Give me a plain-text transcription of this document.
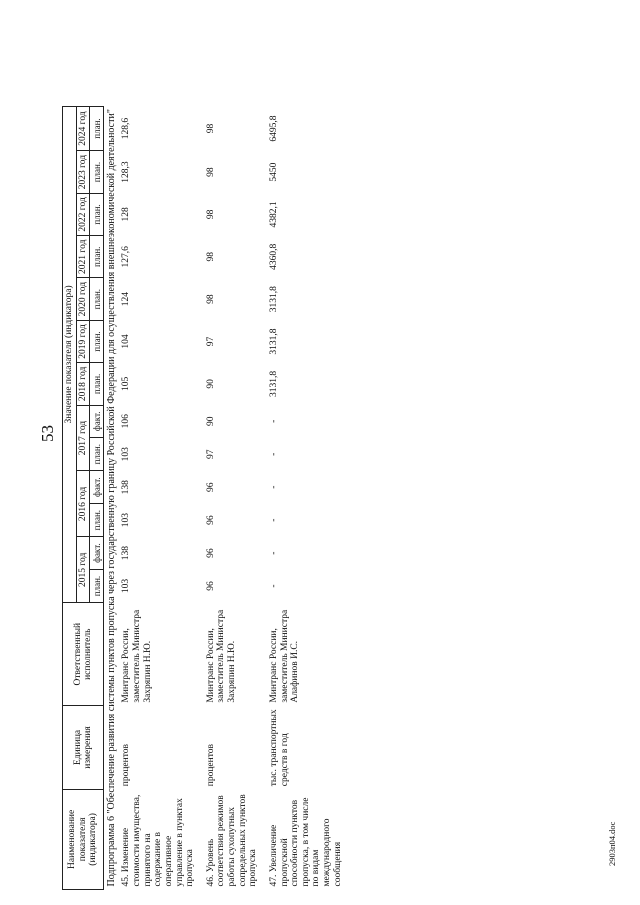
53
Наименование показателя (индикатора)	Единица измерения	Ответственный исполнитель	Значение показателя (индикатора)												
			2015 год		2016 год		2017 год		2018 год	2019 год	2020 год	2021 год	2022 год	2023 год	2024 год
			план.	факт.	план.	факт.	план.	факт.	план.	план.	план.	план.	план.	план.	план.
Подпрограмма 6 "Обеспечение развития системы пунктов пропуска через государственную границу Российской Федерации для осуществления внешнеэкономической деятельности"															
45. Изменение стоимости имущества, принятого на содержание в оперативное управление в пунктах пропуска	процентов	Минтранс России, заместитель Министра Захряпин Н.Ю.	103	138	103	138	103	106	105	104	124	127,6	128	128,3	128,6

46. Уровень соответствия режимов работы сухопутных сопредельных пунктов пропуска	процентов	Минтранс России, заместитель Министра Захряпин Н.Ю.	96	96	96	96	97	90	90	97	98	98	98	98	98

47. Увеличение пропускной способности пунктов пропуска, в том числе по видам международного сообщения	тыс. транспортных средств в год	Минтранс России, заместитель Министра Алафинов И.С.	-	-	-	-	-	-	3131,8	3131,8	3131,8	4360,8	4382,1	5450	6495,8
2903п04.doc
